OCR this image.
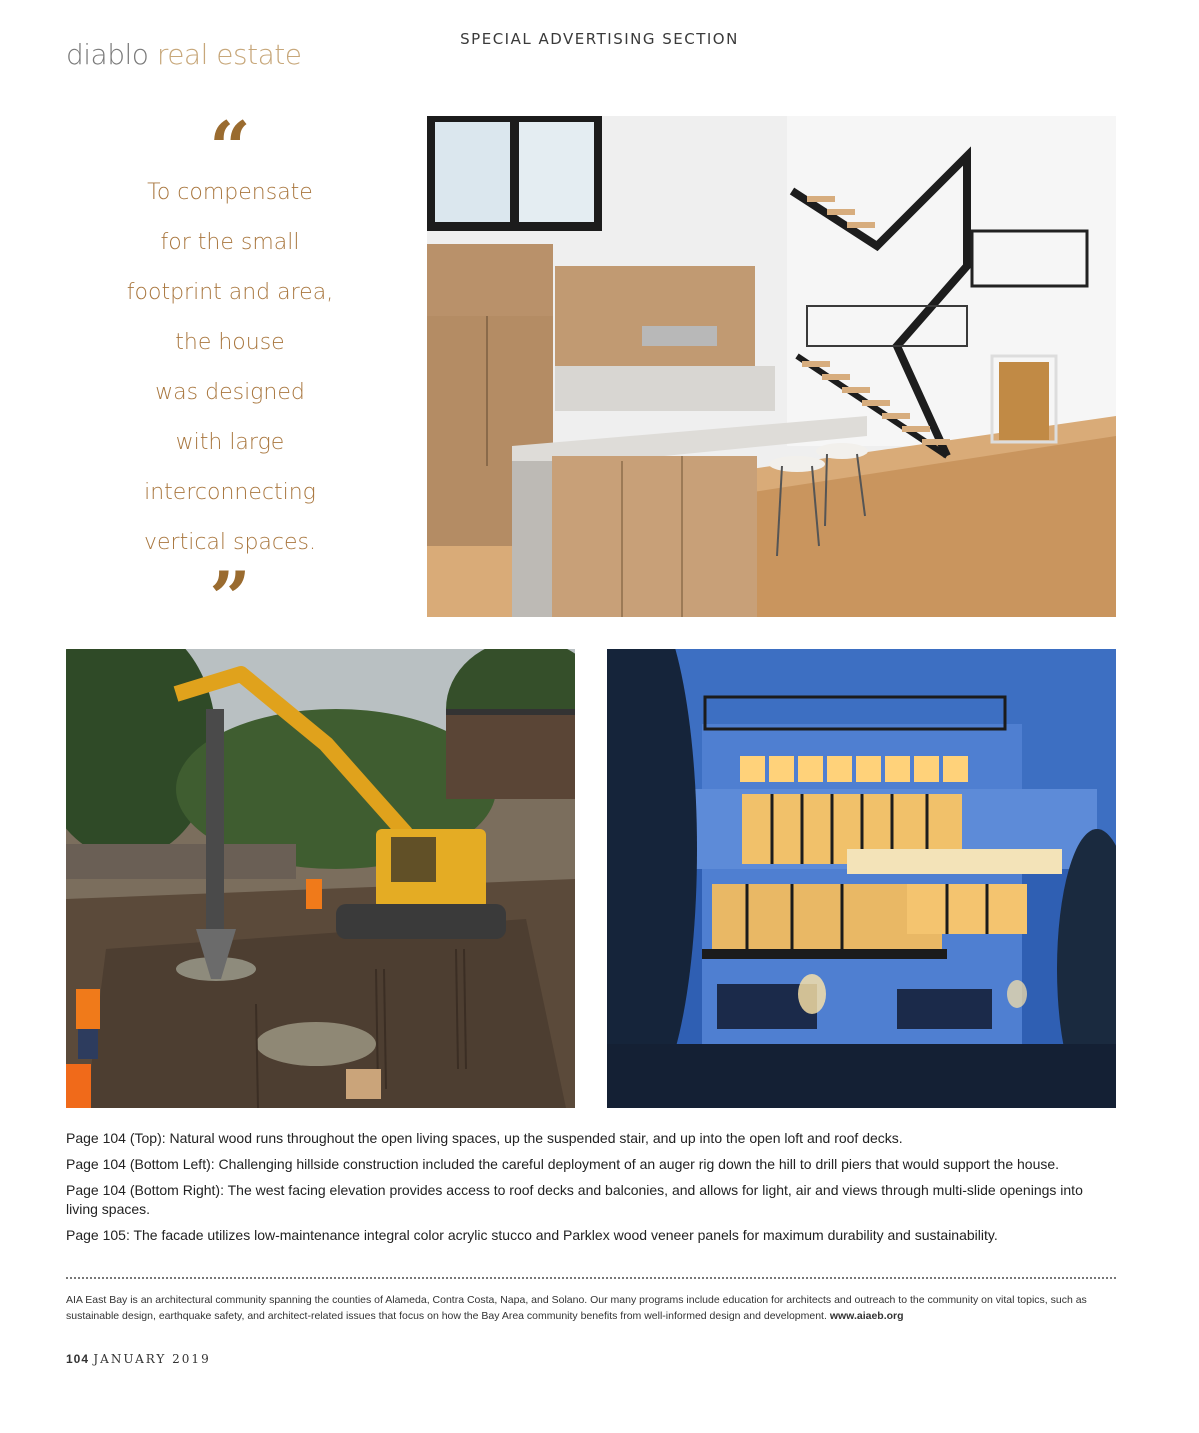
diablo real estate	SPECIAL ADVERTISING SECTION
“
To compensate
for the small
footprint and area,
the house
was designed
with large
interconnecting
vertical spaces.
”

Page 104 (Top): Natural wood runs throughout the open living spaces, up the suspended stair, and up into the open loft and roof decks.

Page 104 (Bottom Left): Challenging hillside construction included the careful deployment of an auger rig down the hill to drill piers that would support the house.

Page 104 (Bottom Right): The west facing elevation provides access to roof decks and balconies, and allows for light, air and views through multi-slide openings into living spaces.

Page 105: The facade utilizes low-maintenance integral color acrylic stucco and Parklex wood veneer panels for maximum durability and sustainability.

AIA East Bay is an architectural community spanning the counties of Alameda, Contra Costa, Napa, and Solano. Our many programs include education for architects and outreach to the community on vital topics, such as sustainable design, earthquake safety, and architect-related issues that focus on how the Bay Area community benefits from well-informed design and development. www.aiaeb.org
104 JANUARY 2019
